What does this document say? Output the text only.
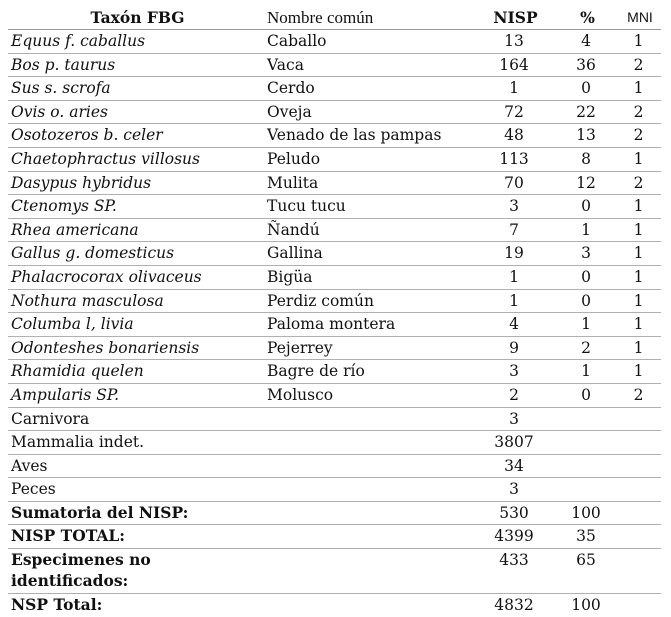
Taxón FBG	Nombre común	NISP	%	MNI
Equus f. caballus	Caballo	13	4	1
Bos p. taurus	Vaca	164	36	2
Sus s. scrofa	Cerdo	1	0	1
Ovis o. aries	Oveja	72	22	2
Osotozeros b. celer	Venado de las pampas	48	13	2
Chaetophractus villosus	Peludo	113	8	1
Dasypus hybridus	Mulita	70	12	2
Ctenomys SP.	Tucu tucu	3	0	1
Rhea americana	Ñandú	7	1	1
Gallus g. domesticus	Gallina	19	3	1
Phalacrocorax olivaceus	Bigüa	1	0	1
Nothura masculosa	Perdiz común	1	0	1
Columba l, livia	Paloma montera	4	1	1
Odonteshes bonariensis	Pejerrey	9	2	1
Rhamidia quelen	Bagre de río	3	1	1
Ampularis SP.	Molusco	2	0	2
Carnivora		3		
Mammalia indet.		3807		
Aves		34		
Peces		3		
Sumatoria del NISP:		530	100	
NISP TOTAL:		4399	35	
Especimenes no identificados:		433	65	
NSP Total:		4832	100	
